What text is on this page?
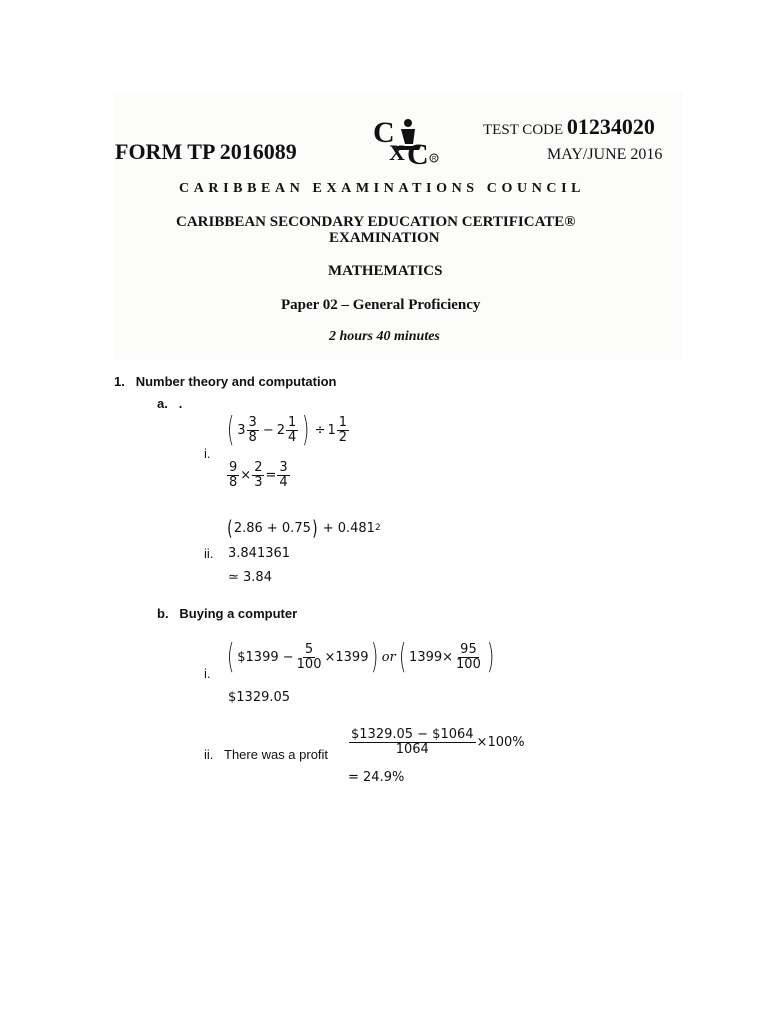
FORM TP 2016089
C
X C R
TEST CODE 01234020
MAY/JUNE 2016
CARIBBEAN EXAMINATIONS COUNCIL
CARIBBEAN SECONDARY EDUCATION CERTIFICATE®
EXAMINATION
MATHEMATICS
Paper 02 – General Proficiency
2 hours 40 minutes
1. Number theory and computation
a. .
( $3 \frac{3}{8} - 2 \frac{1}{4}$ ) ÷ $1 \frac{1}{2}$
i.
$\frac{9}{8} \times \frac{2}{3} = \frac{3}{4}$
( 2.86 + 0.75 ) + 0.481 2
ii. 3.841361
≃ 3.84
b. Buying a computer
( $1399 − $\frac{5}{100} \times 1399$ ) or ( $1399\times \frac{95}{100}$ )
i.
$1329.05
ii. There was a profit $\frac{\$1329.05 - \$1064}{1064} \times 100\%$
= 24.9%
